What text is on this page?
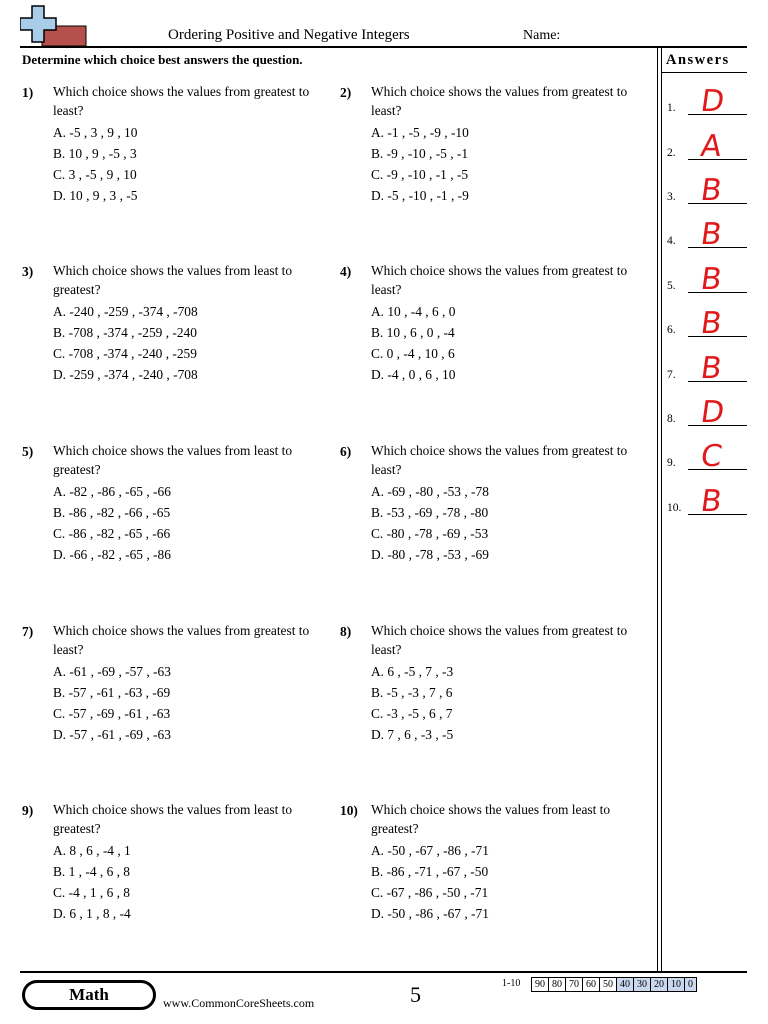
Ordering Positive and Negative Integers	Name:
Determine which choice best answers the question.	Answers
1) Which choice shows the values from greatest to least?
A. -5 , 3 , 9 , 10
B. 10 , 9 , -5 , 3
C. 3 , -5 , 9 , 10
D. 10 , 9 , 3 , -5
2) Which choice shows the values from greatest to least?
A. -1 , -5 , -9 , -10
B. -9 , -10 , -5 , -1
C. -9 , -10 , -1 , -5
D. -5 , -10 , -1 , -9
3) Which choice shows the values from least to greatest?
A. -240 , -259 , -374 , -708
B. -708 , -374 , -259 , -240
C. -708 , -374 , -240 , -259
D. -259 , -374 , -240 , -708
4) Which choice shows the values from greatest to least?
A. 10 , -4 , 6 , 0
B. 10 , 6 , 0 , -4
C. 0 , -4 , 10 , 6
D. -4 , 0 , 6 , 10
5) Which choice shows the values from least to greatest?
A. -82 , -86 , -65 , -66
B. -86 , -82 , -66 , -65
C. -86 , -82 , -65 , -66
D. -66 , -82 , -65 , -86
6) Which choice shows the values from greatest to least?
A. -69 , -80 , -53 , -78
B. -53 , -69 , -78 , -80
C. -80 , -78 , -69 , -53
D. -80 , -78 , -53 , -69
7) Which choice shows the values from greatest to least?
A. -61 , -69 , -57 , -63
B. -57 , -61 , -63 , -69
C. -57 , -69 , -61 , -63
D. -57 , -61 , -69 , -63
8) Which choice shows the values from greatest to least?
A. 6 , -5 , 7 , -3
B. -5 , -3 , 7 , 6
C. -3 , -5 , 6 , 7
D. 7 , 6 , -3 , -5
9) Which choice shows the values from least to greatest?
A. 8 , 6 , -4 , 1
B. 1 , -4 , 6 , 8
C. -4 , 1 , 6 , 8
D. 6 , 1 , 8 , -4
10) Which choice shows the values from least to greatest?
A. -50 , -67 , -86 , -71
B. -86 , -71 , -67 , -50
C. -67 , -86 , -50 , -71
D. -50 , -86 , -67 , -71
1. D
2. A
3. B
4. B
5. B
6. B
7. B
8. D
9. C
10. B
Math	www.CommonCoreSheets.com	5	1-10 90	80	70	60	50	40	30	20	10	0
